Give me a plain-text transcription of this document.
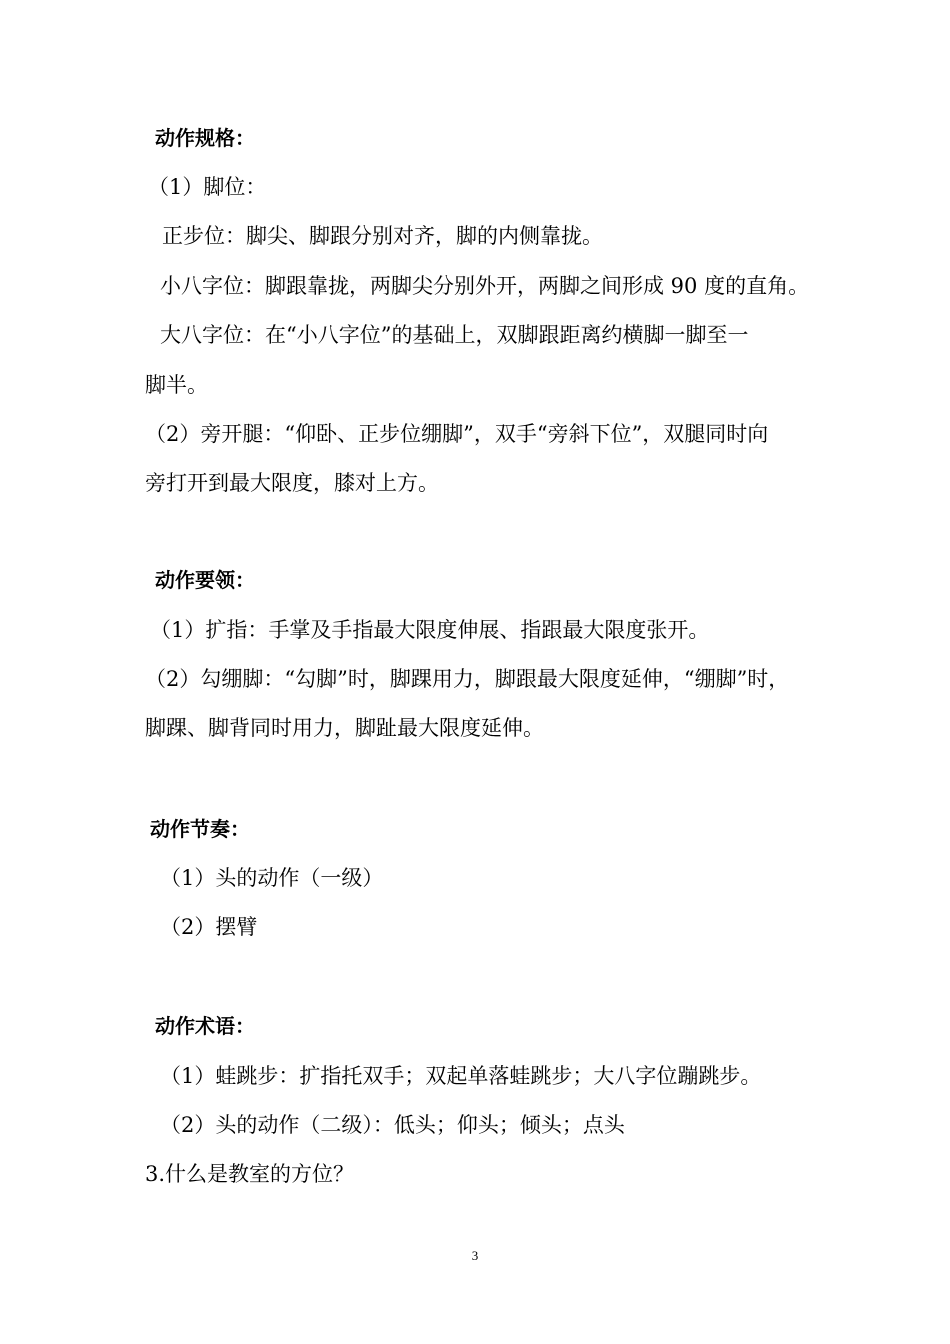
动作规格：
（1）脚位：
正步位：脚尖、脚跟分别对齐，脚的内侧靠拢。
小八字位：脚跟靠拢，两脚尖分别外开，两脚之间形成 90 度的直角。
大八字位：在“小八字位”的基础上，双脚跟距离约横脚一脚至一
脚半。
（2）旁开腿：“仰卧、正步位绷脚”，双手“旁斜下位”，双腿同时向
旁打开到最大限度，膝对上方。
动作要领：
（1）扩指：手掌及手指最大限度伸展、指跟最大限度张开。
（2）勾绷脚：“勾脚”时，脚踝用力，脚跟最大限度延伸，“绷脚”时，
脚踝、脚背同时用力，脚趾最大限度延伸。
动作节奏：
（1）头的动作（一级）
（2）摆臂
动作术语：
（1）蛙跳步：扩指托双手；双起单落蛙跳步；大八字位蹦跳步。
（2）头的动作（二级）：低头；仰头；倾头；点头
3.什么是教室的方位？
3
